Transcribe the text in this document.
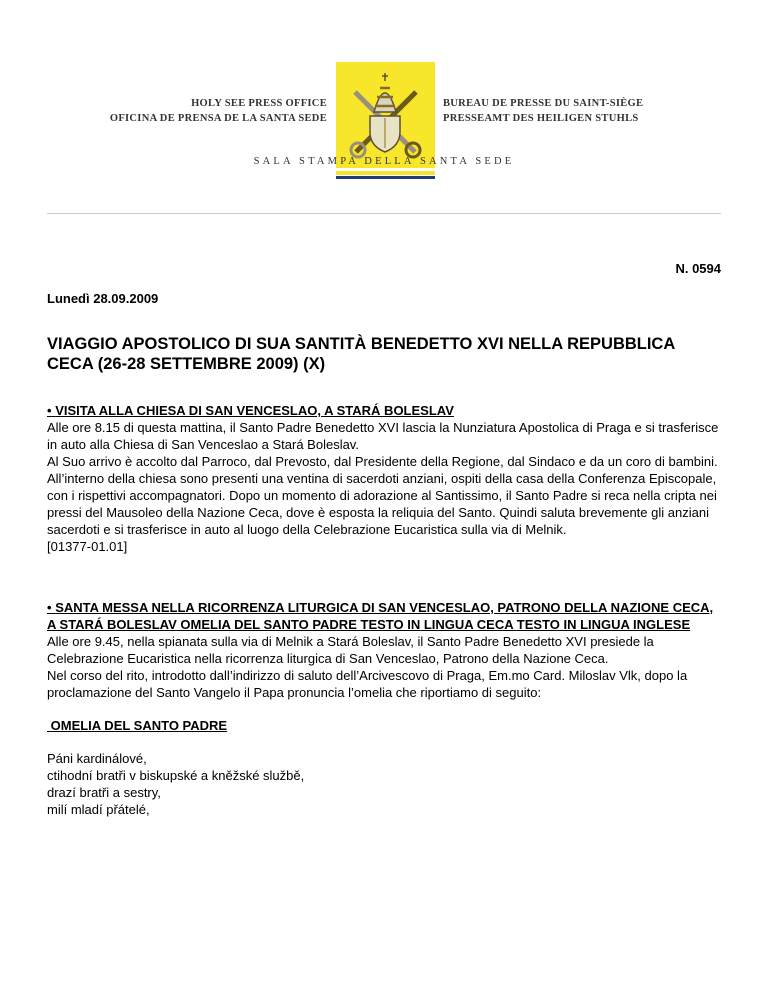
HOLY SEE PRESS OFFICE
OFICINA DE PRENSA DE LA SANTA SEDE
BUREAU DE PRESSE DU SAINT-SIÈGE
PRESSEAMT DES HEILIGEN STUHLS
SALA STAMPA DELLA SANTA SEDE

N. 0594

Lunedì 28.09.2009

VIAGGIO APOSTOLICO DI SUA SANTITÀ BENEDETTO XVI NELLA REPUBBLICA CECA (26-28 SETTEMBRE 2009) (X)

• VISITA ALLA CHIESA DI SAN VENCESLAO, A STARÁ BOLESLAV

Alle ore 8.15 di questa mattina, il Santo Padre Benedetto XVI lascia la Nunziatura Apostolica di Praga e si trasferisce in auto alla Chiesa di San Venceslao a Stará Boleslav.

Al Suo arrivo è accolto dal Parroco, dal Prevosto, dal Presidente della Regione, dal Sindaco e da un coro di bambini. All’interno della chiesa sono presenti una ventina di sacerdoti anziani, ospiti della casa della Conferenza Episcopale, con i rispettivi accompagnatori. Dopo un momento di adorazione al Santissimo, il Santo Padre si reca nella cripta nei pressi del Mausoleo della Nazione Ceca, dove è esposta la reliquia del Santo. Quindi saluta brevemente gli anziani sacerdoti e si trasferisce in auto al luogo della Celebrazione Eucaristica sulla via di Melnik.

[01377-01.01]

• SANTA MESSA NELLA RICORRENZA LITURGICA DI SAN VENCESLAO, PATRONO DELLA NAZIONE CECA, A STARÁ BOLESLAV OMELIA DEL SANTO PADRE TESTO IN LINGUA CECA TESTO IN LINGUA INGLESE

Alle ore 9.45, nella spianata sulla via di Melnik a Stará Boleslav, il Santo Padre Benedetto XVI presiede la Celebrazione Eucaristica nella ricorrenza liturgica di San Venceslao, Patrono della Nazione Ceca.

Nel corso del rito, introdotto dall’indirizzo di saluto dell’Arcivescovo di Praga, Em.mo Card. Miloslav Vlk, dopo la proclamazione del Santo Vangelo il Papa pronuncia l’omelia che riportiamo di seguito:

OMELIA DEL SANTO PADRE

Páni kardinálové,
ctihodní bratři v biskupské a kněžské službě,
drazí bratři a sestry,
milí mladí přátelé,
